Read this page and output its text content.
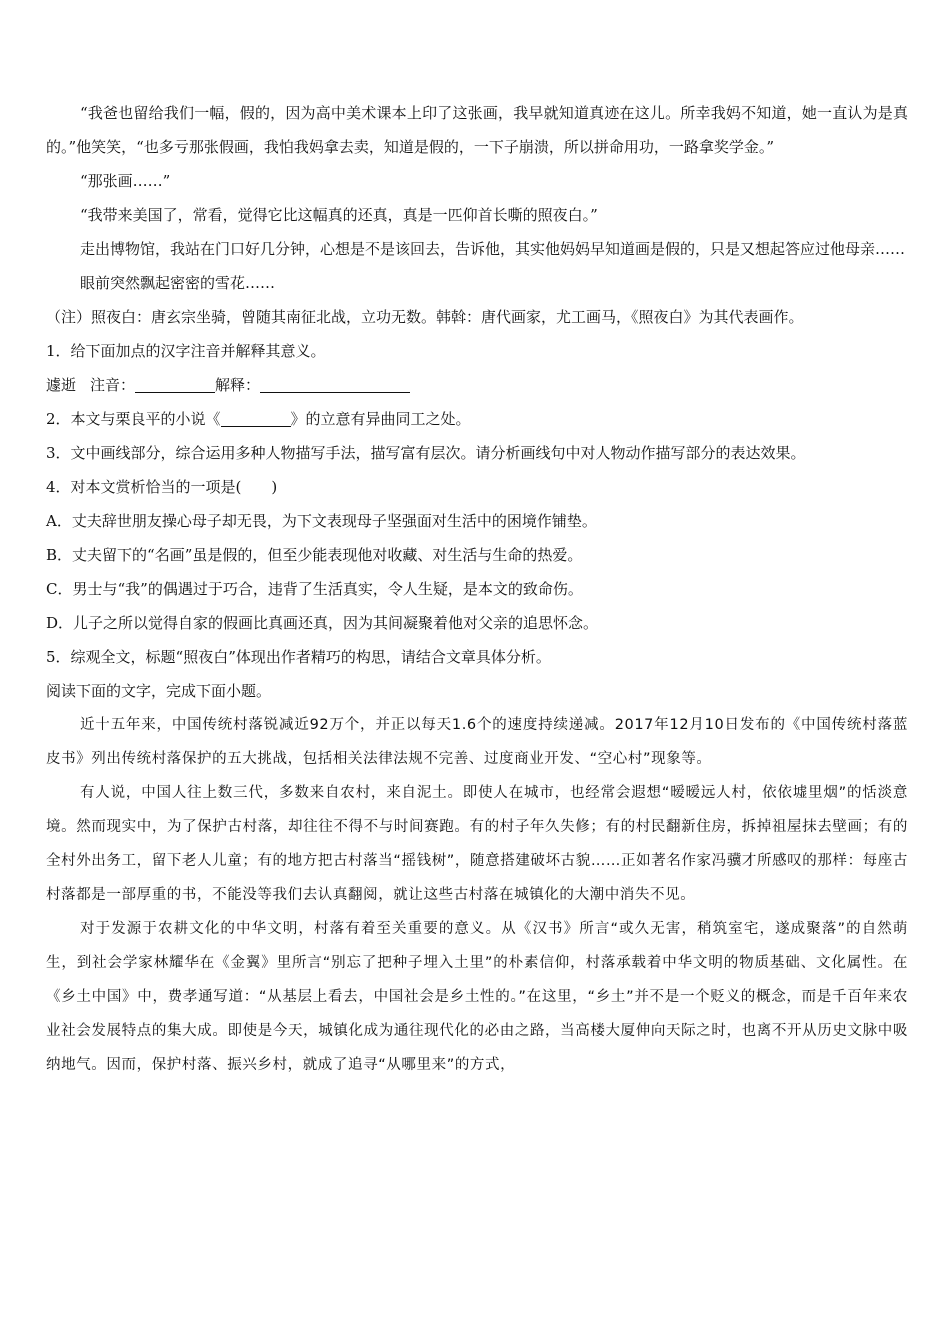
“我爸也留给我们一幅，假的，因为高中美术课本上印了这张画，我早就知道真迹在这儿。所幸我妈不知道，她一直认为是真的。”他笑笑，“也多亏那张假画，我怕我妈拿去卖，知道是假的，一下子崩溃，所以拼命用功，一路拿奖学金。”

“那张画……”

“我带来美国了，常看，觉得它比这幅真的还真，真是一匹仰首长嘶的照夜白。”

走出博物馆，我站在门口好几分钟，心想是不是该回去，告诉他，其实他妈妈早知道画是假的，只是又想起答应过他母亲……

眼前突然飘起密密的雪花……

（注）照夜白：唐玄宗坐骑，曾随其南征北战，立功无数。韩斡：唐代画家，尤工画马，《照夜白》为其代表画作。

1．给下面加点的汉字注音并解释其意义。

遽逝 注音：	解释：

2．本文与栗良平的小说《	》的立意有异曲同工之处。

3．文中画线部分，综合运用多种人物描写手法，描写富有层次。请分析画线句中对人物动作描写部分的表达效果。

4．对本文赏析恰当的一项是(　　)

A．丈夫辞世朋友操心母子却无畏，为下文表现母子坚强面对生活中的困境作铺垫。

B．丈夫留下的“名画”虽是假的，但至少能表现他对收藏、对生活与生命的热爱。

C．男士与“我”的偶遇过于巧合，违背了生活真实，令人生疑，是本文的致命伤。

D．儿子之所以觉得自家的假画比真画还真，因为其间凝聚着他对父亲的追思怀念。

5．综观全文，标题“照夜白”体现出作者精巧的构思，请结合文章具体分析。

阅读下面的文字，完成下面小题。

近十五年来，中国传统村落锐减近92万个，并正以每天1.6个的速度持续递减。2017年12月10日发布的《中国传统村落蓝皮书》列出传统村落保护的五大挑战，包括相关法律法规不完善、过度商业开发、“空心村”现象等。

有人说，中国人往上数三代，多数来自农村，来自泥土。即使人在城市，也经常会遐想“暧暧远人村，依依墟里烟”的恬淡意境。然而现实中，为了保护古村落，却往往不得不与时间赛跑。有的村子年久失修；有的村民翻新住房，拆掉祖屋抹去壁画；有的全村外出务工，留下老人儿童；有的地方把古村落当“摇钱树”，随意搭建破坏古貌……正如著名作家冯骥才所感叹的那样：每座古村落都是一部厚重的书，不能没等我们去认真翻阅，就让这些古村落在城镇化的大潮中消失不见。

对于发源于农耕文化的中华文明，村落有着至关重要的意义。从《汉书》所言“或久无害，稍筑室宅，遂成聚落”的自然萌生，到社会学家林耀华在《金翼》里所言“别忘了把种子埋入土里”的朴素信仰，村落承载着中华文明的物质基础、文化属性。在《乡土中国》中，费孝通写道：“从基层上看去，中国社会是乡土性的。”在这里，“乡土”并不是一个贬义的概念，而是千百年来农业社会发展特点的集大成。即使是今天，城镇化成为通往现代化的必由之路，当高楼大厦伸向天际之时，也离不开从历史文脉中吸纳地气。因而，保护村落、振兴乡村，就成了追寻“从哪里来”的方式，
